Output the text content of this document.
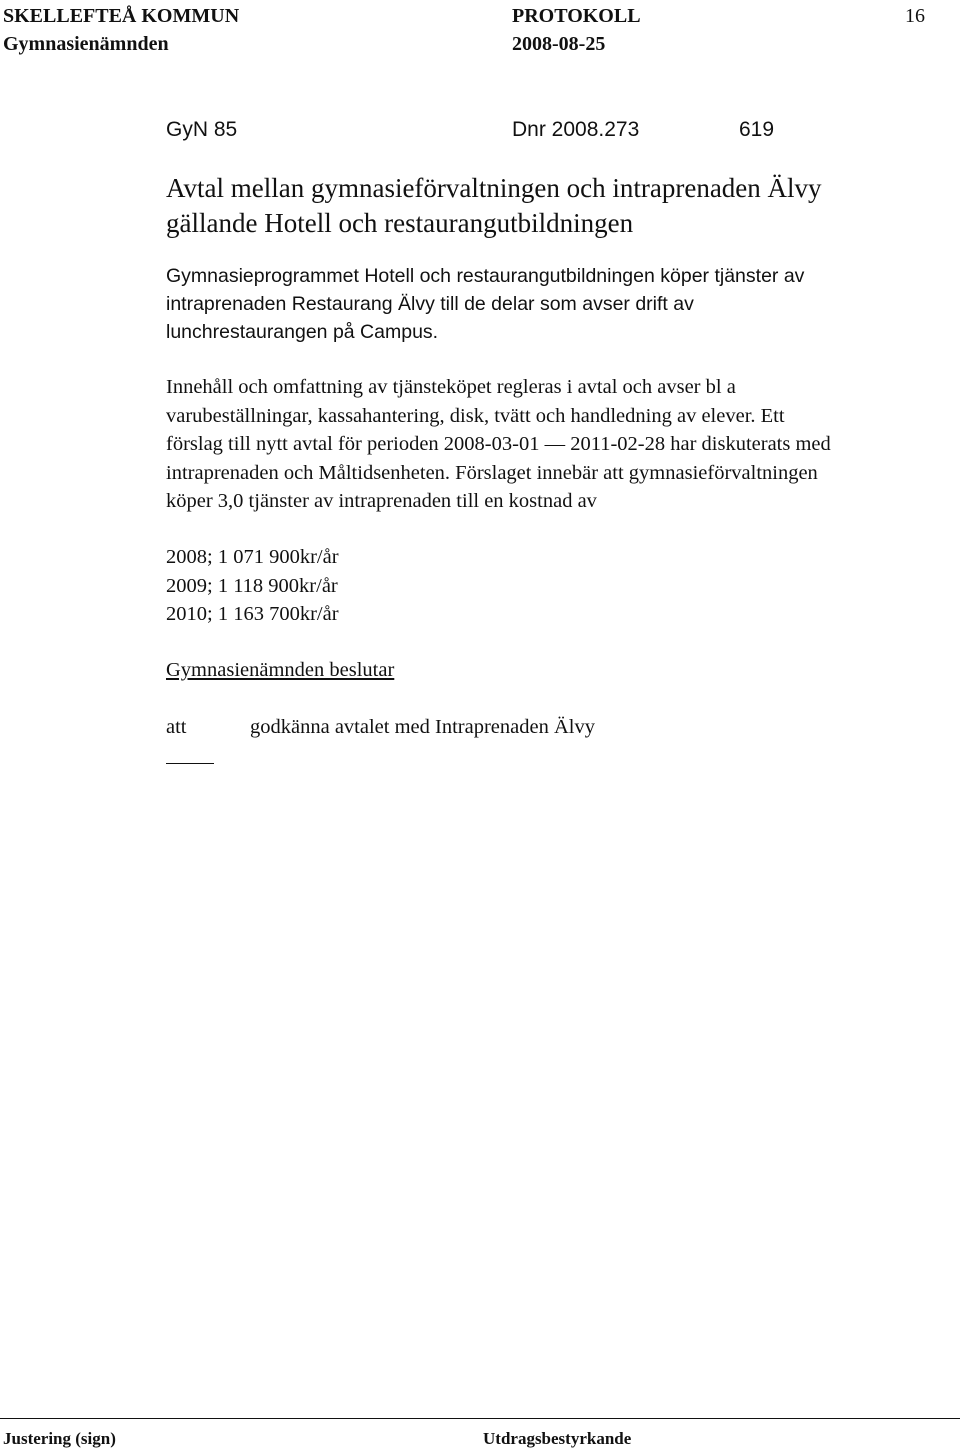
SKELLEFTEÅ KOMMUN	PROTOKOLL	16
Gymnasienämnden	2008-08-25
GyN 85	Dnr 2008.273	619
Avtal mellan gymnasieförvaltningen och intraprenaden Älvy
gällande Hotell och restaurangutbildningen
Gymnasieprogrammet Hotell och restaurangutbildningen köper tjänster av
intraprenaden Restaurang Älvy till de delar som avser drift av
lunchrestaurangen på Campus.
Innehåll och omfattning av tjänsteköpet regleras i avtal och avser bl a
varubeställningar, kassahantering, disk, tvätt och handledning av elever. Ett
förslag till nytt avtal för perioden 2008-03-01 — 2011-02-28 har diskuterats med
intraprenaden och Måltidsenheten. Förslaget innebär att gymnasieförvaltningen
köper 3,0 tjänster av intraprenaden till en kostnad av
2008; 1 071 900kr/år
2009; 1 118 900kr/år
2010; 1 163 700kr/år
Gymnasienämnden beslutar
att	godkänna avtalet med Intraprenaden Älvy
Justering (sign)	Utdragsbestyrkande
